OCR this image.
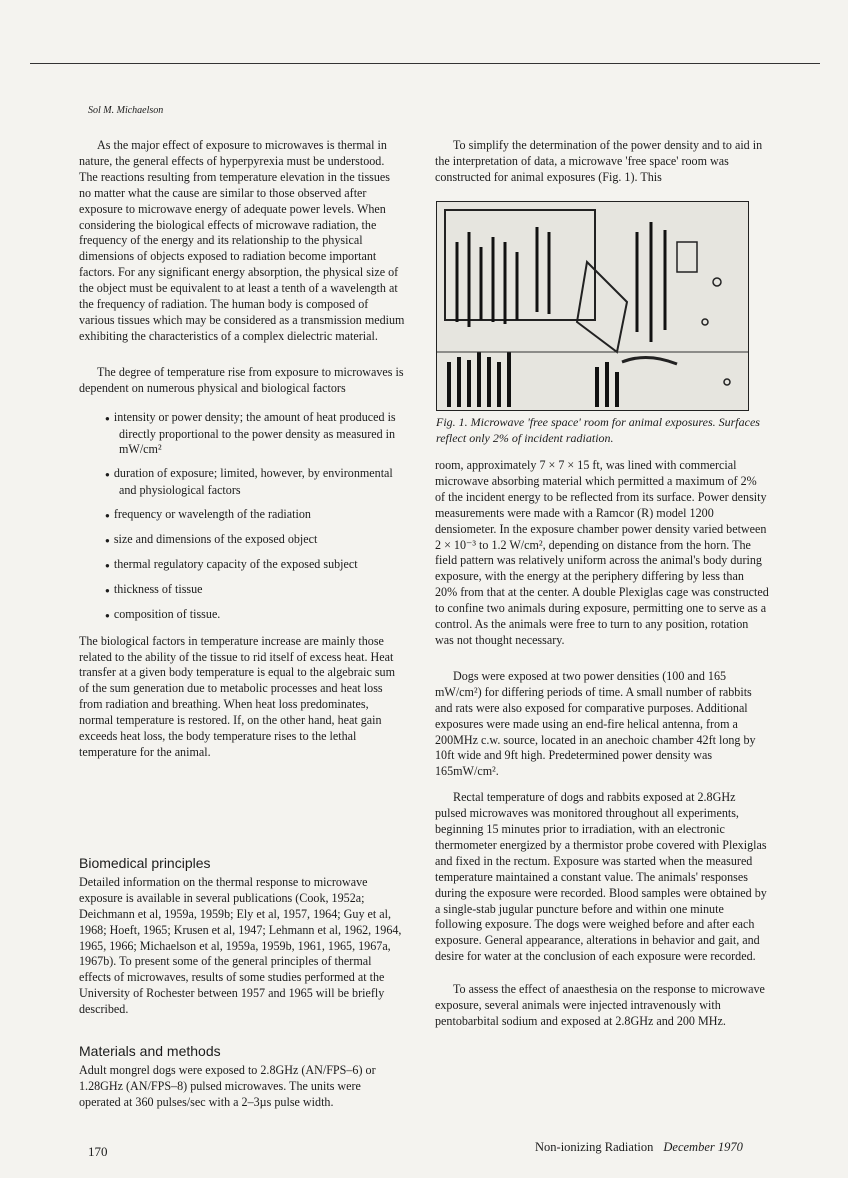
Sol M. Michaelson

As the major effect of exposure to microwaves is thermal in nature, the general effects of hyperpyrexia must be understood. The reactions resulting from temperature elevation in the tissues no matter what the cause are similar to those observed after exposure to microwave energy of adequate power levels. When considering the biological effects of microwave radiation, the frequency of the energy and its relationship to the physical dimensions of objects exposed to radiation become important factors. For any significant energy absorption, the physical size of the object must be equivalent to at least a tenth of a wavelength at the frequency of radiation. The human body is composed of various tissues which may be considered as a transmission medium exhibiting the characteristics of a complex dielectric material.

The degree of temperature rise from exposure to microwaves is dependent on numerous physical and biological factors

● intensity or power density; the amount of heat produced is directly proportional to the power density as measured in mW/cm²
● duration of exposure; limited, however, by environmental and physiological factors
● frequency or wavelength of the radiation
● size and dimensions of the exposed object
● thermal regulatory capacity of the exposed subject
● thickness of tissue
● composition of tissue.

The biological factors in temperature increase are mainly those related to the ability of the tissue to rid itself of excess heat. Heat transfer at a given body temperature is equal to the algebraic sum of the sum generation due to metabolic processes and heat loss from radiation and breathing. When heat loss predominates, normal temperature is restored. If, on the other hand, heat gain exceeds heat loss, the body temperature rises to the lethal temperature for the animal.

Biomedical principles

Detailed information on the thermal response to microwave exposure is available in several publications (Cook, 1952a; Deichmann et al, 1959a, 1959b; Ely et al, 1957, 1964; Guy et al, 1968; Hoeft, 1965; Krusen et al, 1947; Lehmann et al, 1962, 1964, 1965, 1966; Michaelson et al, 1959a, 1959b, 1961, 1965, 1967a, 1967b). To present some of the general principles of thermal effects of microwaves, results of some studies performed at the University of Rochester between 1957 and 1965 will be briefly described.

Materials and methods

Adult mongrel dogs were exposed to 2.8GHz (AN/FPS–6) or 1.28GHz (AN/FPS–8) pulsed microwaves. The units were operated at 360 pulses/sec with a 2–3µs pulse width.

To simplify the determination of the power density and to aid in the interpretation of data, a microwave 'free space' room was constructed for animal exposures (Fig. 1). This

Fig. 1. Microwave 'free space' room for animal exposures. Surfaces reflect only 2% of incident radiation.

room, approximately 7 × 7 × 15 ft, was lined with commercial microwave absorbing material which permitted a maximum of 2% of the incident energy to be reflected from its surface. Power density measurements were made with a Ramcor (R) model 1200 densiometer. In the exposure chamber power density varied between 2 × 10⁻³ to 1.2 W/cm², depending on distance from the horn. The field pattern was relatively uniform across the animal's body during exposure, with the energy at the periphery differing by less than 20% from that at the center. A double Plexiglas cage was constructed to confine two animals during exposure, permitting one to serve as a control. As the animals were free to turn to any position, rotation was not thought necessary.

Dogs were exposed at two power densities (100 and 165 mW/cm²) for differing periods of time. A small number of rabbits and rats were also exposed for comparative purposes. Additional exposures were made using an end-fire helical antenna, from a 200MHz c.w. source, located in an anechoic chamber 42ft long by 10ft wide and 9ft high. Predetermined power density was 165mW/cm².

Rectal temperature of dogs and rabbits exposed at 2.8GHz pulsed microwaves was monitored throughout all experiments, beginning 15 minutes prior to irradiation, with an electronic thermometer energized by a thermistor probe covered with Plexiglas and fixed in the rectum. Exposure was started when the measured temperature maintained a constant value. The animals' responses during the exposure were recorded. Blood samples were obtained by a single-stab jugular puncture before and within one minute following exposure. The dogs were weighed before and after each exposure. General appearance, alterations in behavior and gait, and desire for water at the conclusion of each exposure were recorded.

To assess the effect of anaesthesia on the response to microwave exposure, several animals were injected intravenously with pentobarbital sodium and exposed at 2.8GHz and 200 MHz.

170	Non-ionizing Radiation December 1970
